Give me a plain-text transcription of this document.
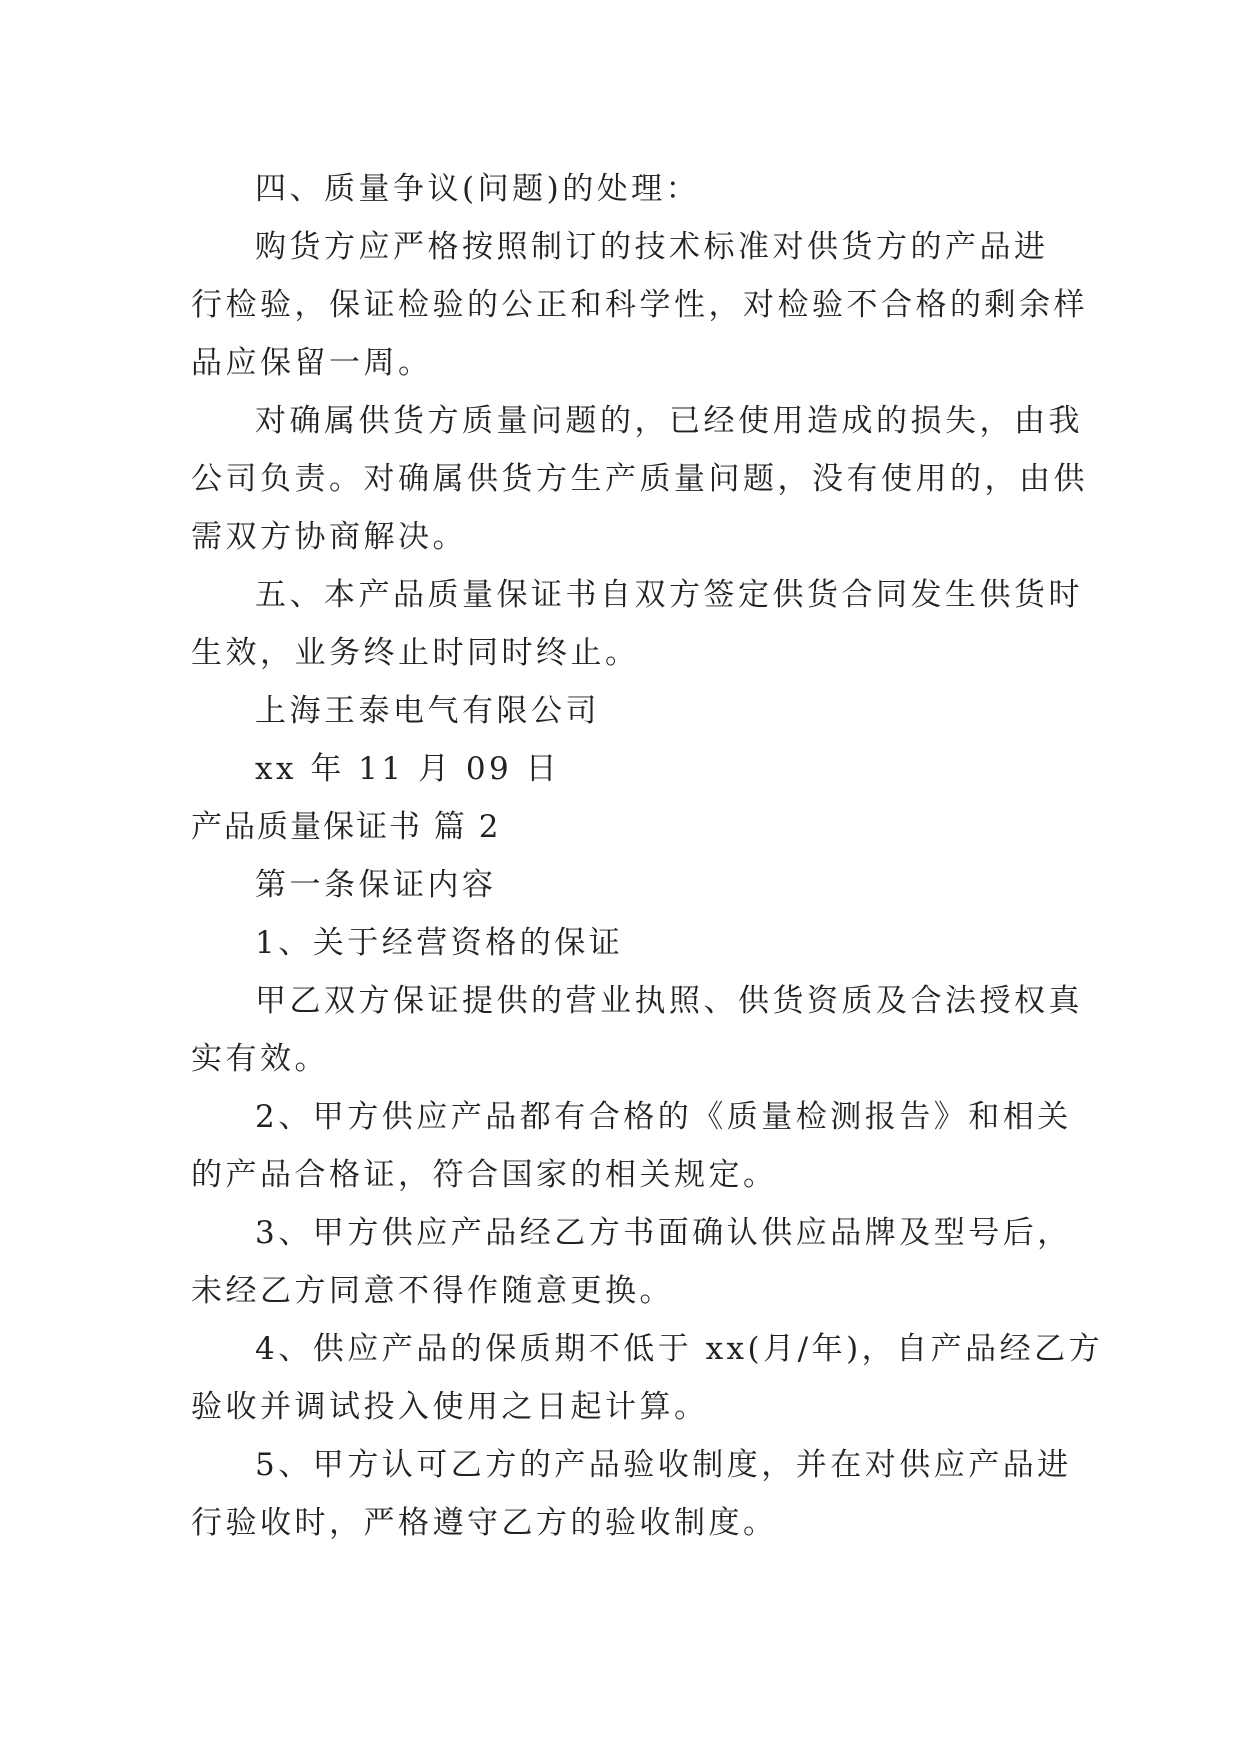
四、质量争议(问题)的处理：
购货方应严格按照制订的技术标准对供货方的产品进
行检验，保证检验的公正和科学性，对检验不合格的剩余样
品应保留一周。
对确属供货方质量问题的，已经使用造成的损失，由我
公司负责。对确属供货方生产质量问题，没有使用的，由供
需双方协商解决。
五、本产品质量保证书自双方签定供货合同发生供货时
生效，业务终止时同时终止。
上海王泰电气有限公司
xx 年 11 月 09 日
产品质量保证书 篇 2
第一条保证内容
1、关于经营资格的保证
甲乙双方保证提供的营业执照、供货资质及合法授权真
实有效。
2、甲方供应产品都有合格的《质量检测报告》和相关
的产品合格证，符合国家的相关规定。
3、甲方供应产品经乙方书面确认供应品牌及型号后，
未经乙方同意不得作随意更换。
4、供应产品的保质期不低于 xx(月/年)，自产品经乙方
验收并调试投入使用之日起计算。
5、甲方认可乙方的产品验收制度，并在对供应产品进
行验收时，严格遵守乙方的验收制度。
